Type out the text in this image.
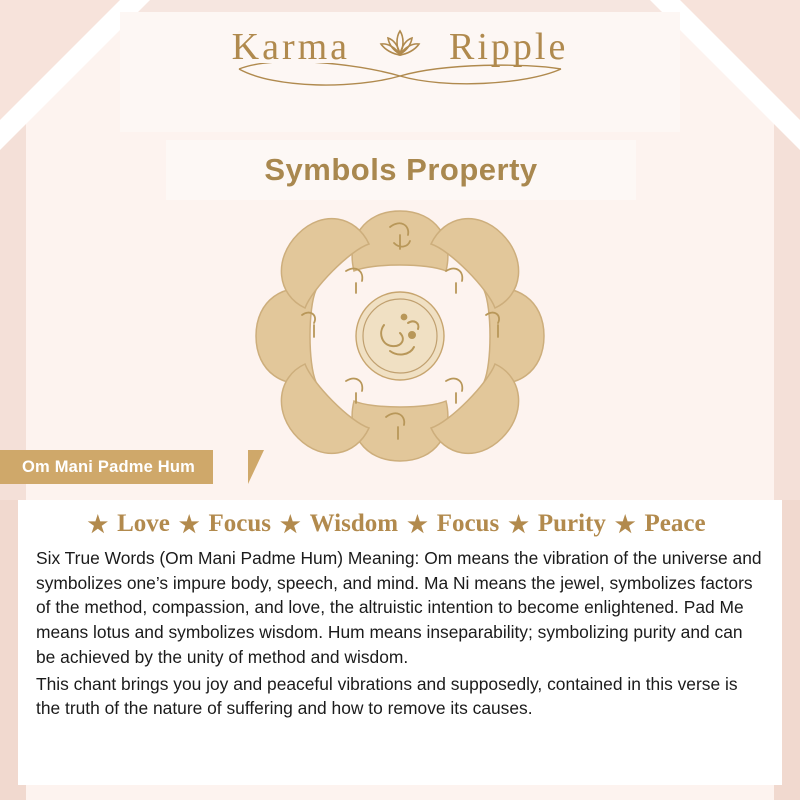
Karma	Ripple
Symbols Property
Om Mani Padme Hum
★ Love ★ Focus ★ Wisdom ★ Focus ★ Purity ★ Peace

Six True Words (Om Mani Padme Hum) Meaning: Om means the vibration of the universe and symbolizes one’s impure body, speech, and mind. Ma Ni means the jewel, symbolizes factors of the method, compassion, and love, the altruistic intention to become enlightened. Pad Me means lotus and symbolizes wisdom. Hum means inseparability; symbolizing purity and can be achieved by the unity of method and wisdom.

This chant brings you joy and peaceful vibrations and supposedly, contained in this verse is the truth of the nature of suffering and how to remove its causes.
